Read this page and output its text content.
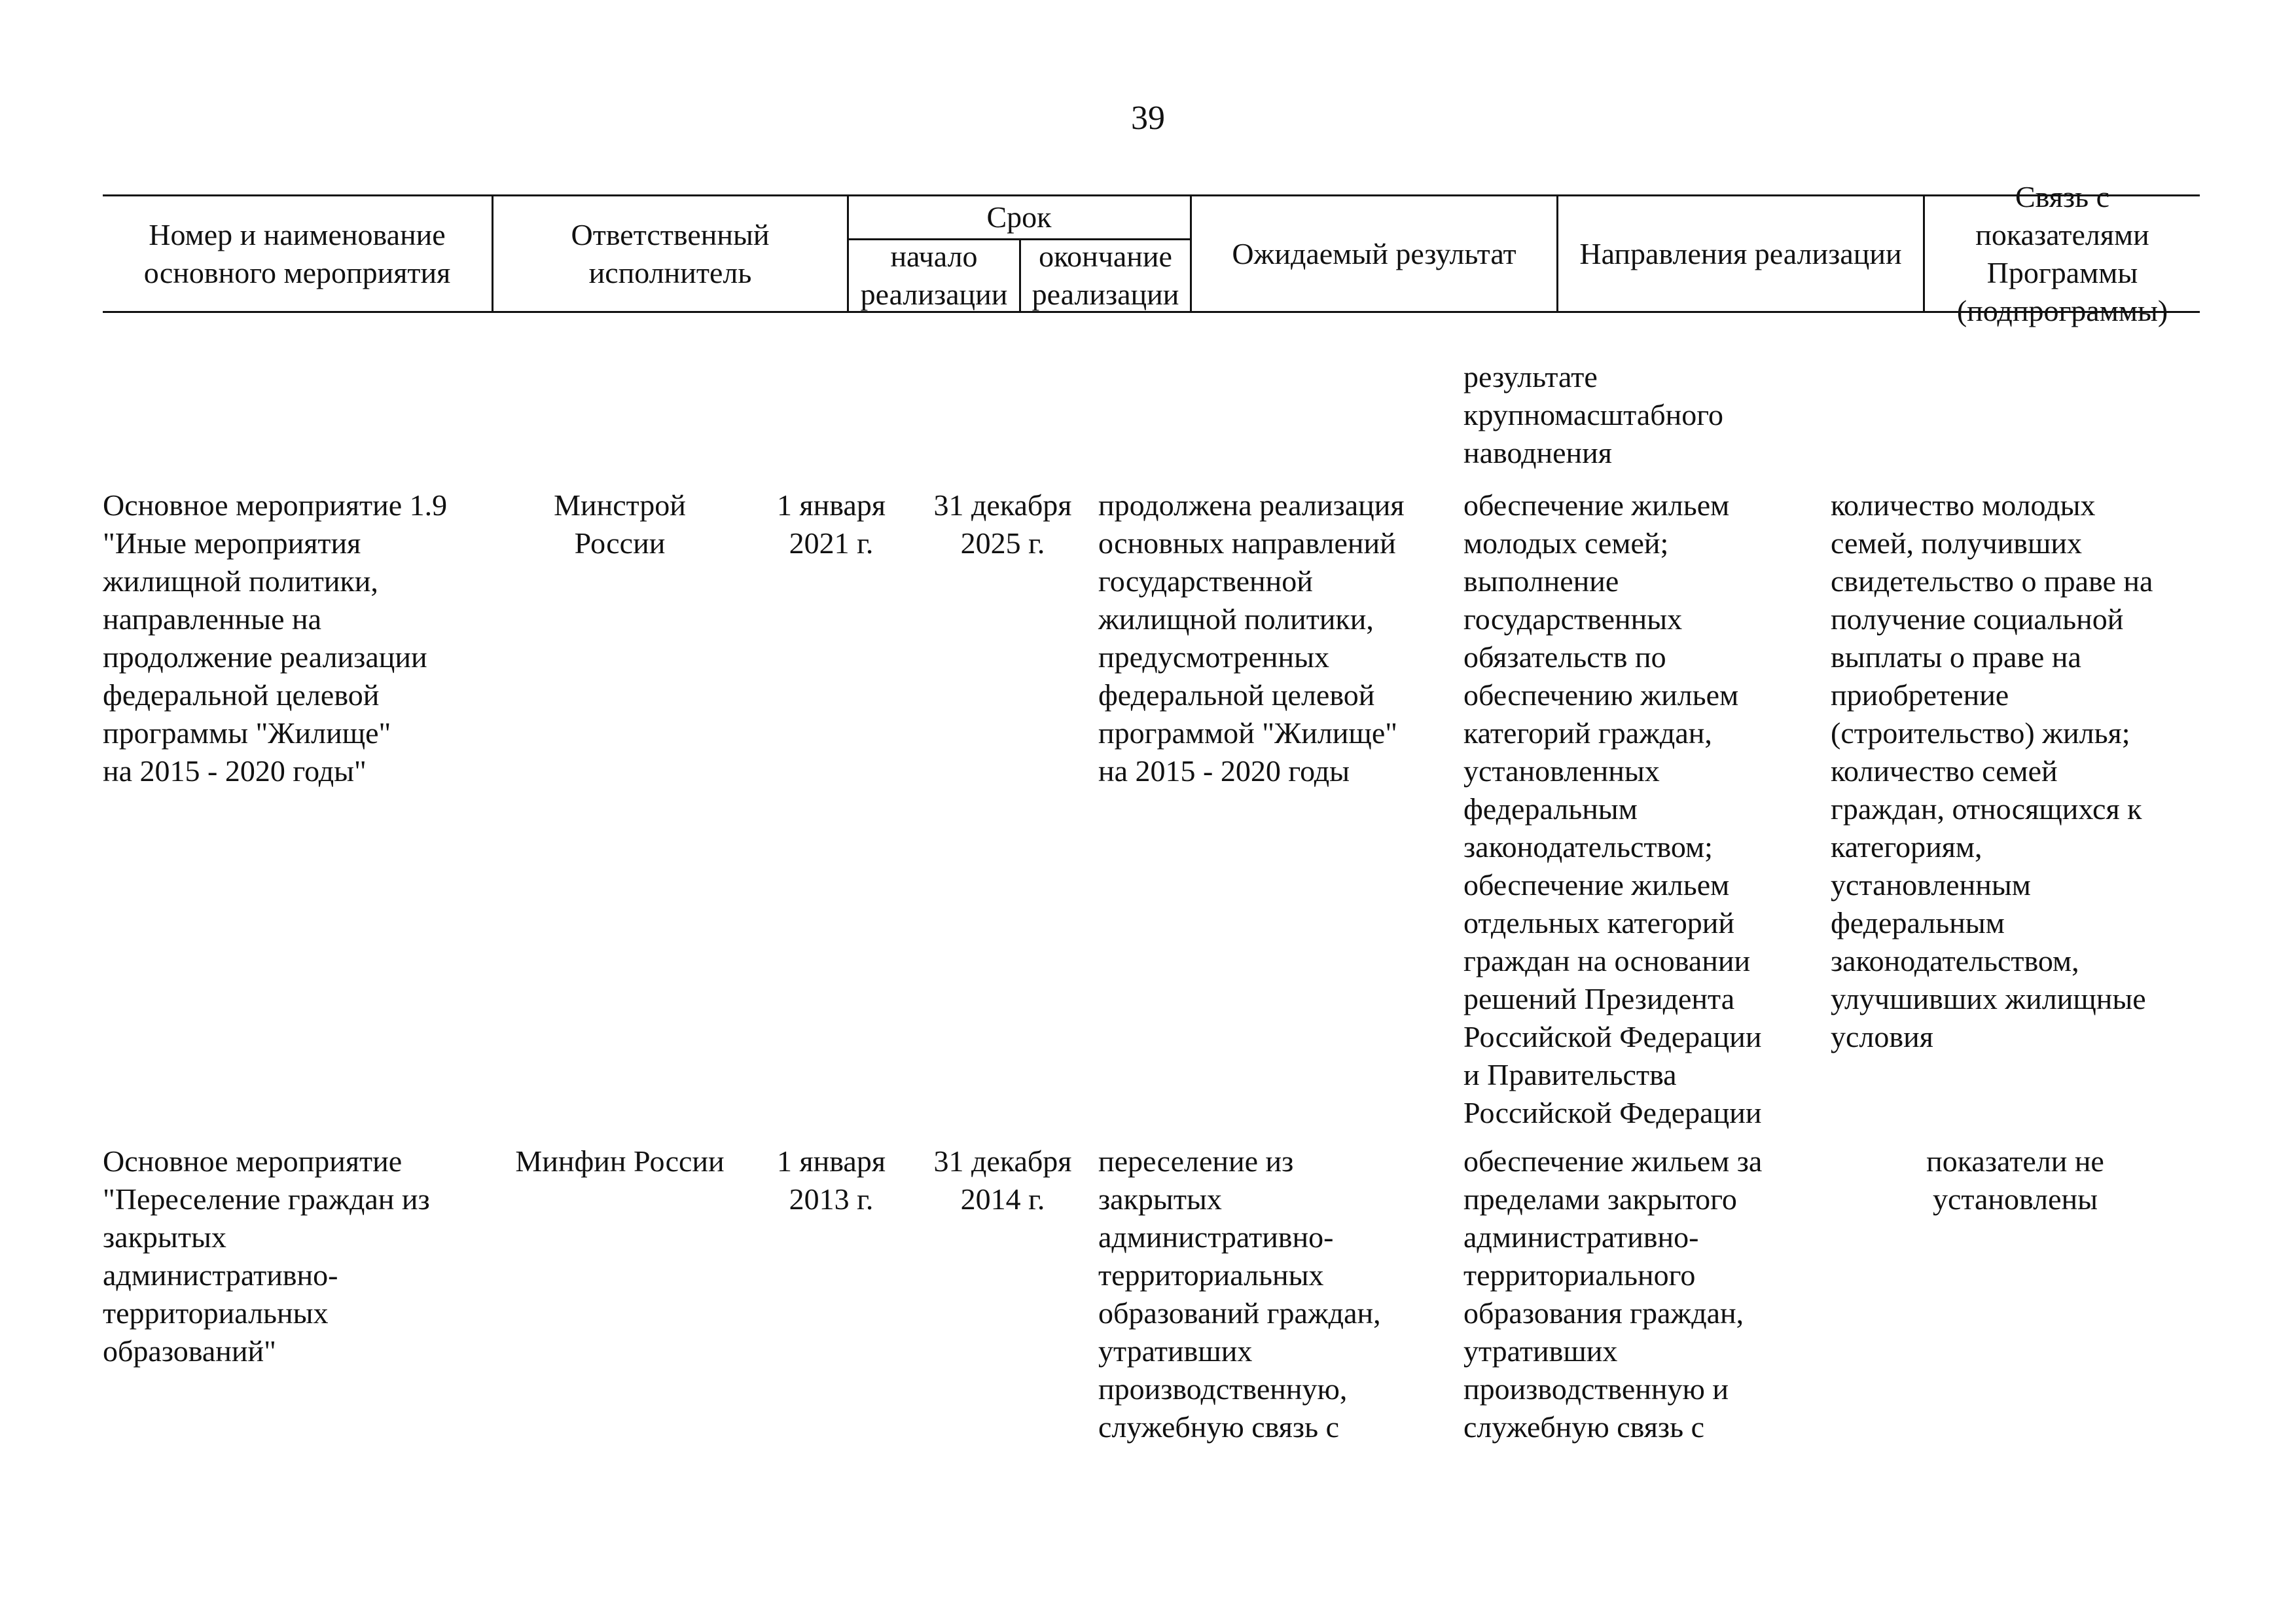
39
Номер и наименование
основного мероприятия
Ответственный
исполнитель
Срок
начало
реализации
окончание
реализации
Ожидаемый результат	Направления реализации
Связь с показателями
Программы
(подпрограммы)
результате
крупномасштабного
наводнения
Основное мероприятие 1.9
"Иные мероприятия
жилищной политики,
направленные на
продолжение реализации
федеральной целевой
программы "Жилище"
на 2015 - 2020 годы"
Минстрой
России
1 января
2021 г.
31 декабря
2025 г.
продолжена реализация
основных направлений
государственной
жилищной политики,
предусмотренных
федеральной целевой
программой "Жилище"
на 2015 - 2020 годы
обеспечение жильем
молодых семей;
выполнение
государственных
обязательств по
обеспечению жильем
категорий граждан,
установленных
федеральным
законодательством;
обеспечение жильем
отдельных категорий
граждан на основании
решений Президента
Российской Федерации
и Правительства
Российской Федерации
количество молодых
семей, получивших
свидетельство о праве на
получение социальной
выплаты о праве на
приобретение
(строительство) жилья;
количество семей
граждан, относящихся к
категориям,
установленным
федеральным
законодательством,
улучшивших жилищные
условия
Основное мероприятие
"Переселение граждан из
закрытых
административно-
территориальных
образований"
Минфин России	1 января
2013 г.
31 декабря
2014 г.
переселение из
закрытых
административно-
территориальных
образований граждан,
утративших
производственную,
служебную связь с
обеспечение жильем за
пределами закрытого
административно-
территориального
образования граждан,
утративших
производственную и
служебную связь с
показатели не
установлены
